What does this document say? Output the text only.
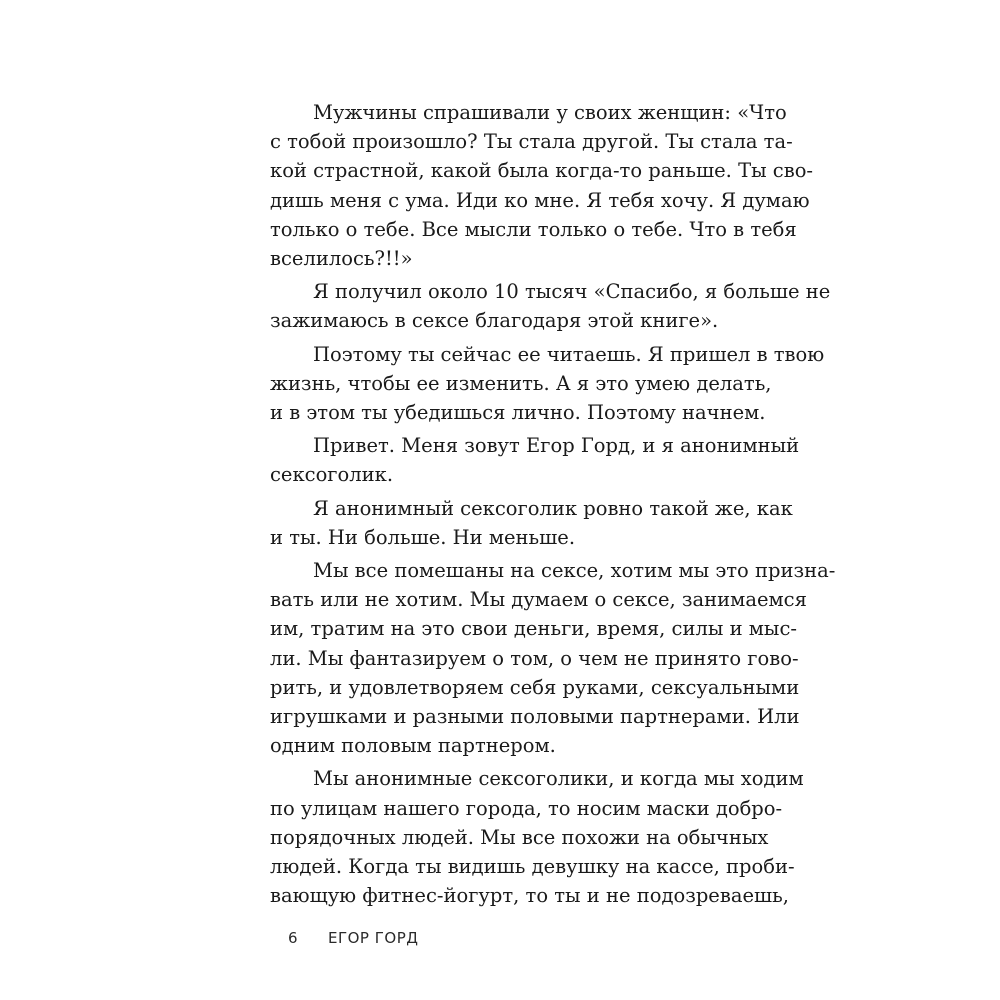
Мужчины спрашивали у своих женщин: «Что
с тобой произошло? Ты стала другой. Ты стала та-
кой страстной, какой была когда-то раньше. Ты сво-
дишь меня с ума. Иди ко мне. Я тебя хочу. Я думаю
только о тебе. Все мысли только о тебе. Что в тебя
вселилось?!!»
Я получил около 10 тысяч «Спасибо, я больше не
зажимаюсь в сексе благодаря этой книге».
Поэтому ты сейчас ее читаешь. Я пришел в твою
жизнь, чтобы ее изменить. А я это умею делать,
и в этом ты убедишься лично. Поэтому начнем.
Привет. Меня зовут Егор Горд, и я анонимный
сексоголик.
Я анонимный сексоголик ровно такой же, как
и ты. Ни больше. Ни меньше.
Мы все помешаны на сексе, хотим мы это призна-
вать или не хотим. Мы думаем о сексе, занимаемся
им, тратим на это свои деньги, время, силы и мыс-
ли. Мы фантазируем о том, о чем не принято гово-
рить, и удовлетворяем себя руками, сексуальными
игрушками и разными половыми партнерами. Или
одним половым партнером.
Мы анонимные сексоголики, и когда мы ходим
по улицам нашего города, то носим маски добро-
порядочных людей. Мы все похожи на обычных
людей. Когда ты видишь девушку на кассе, проби-
вающую фитнес-йогурт, то ты и не подозреваешь,
6 ЕГОР ГОРД
